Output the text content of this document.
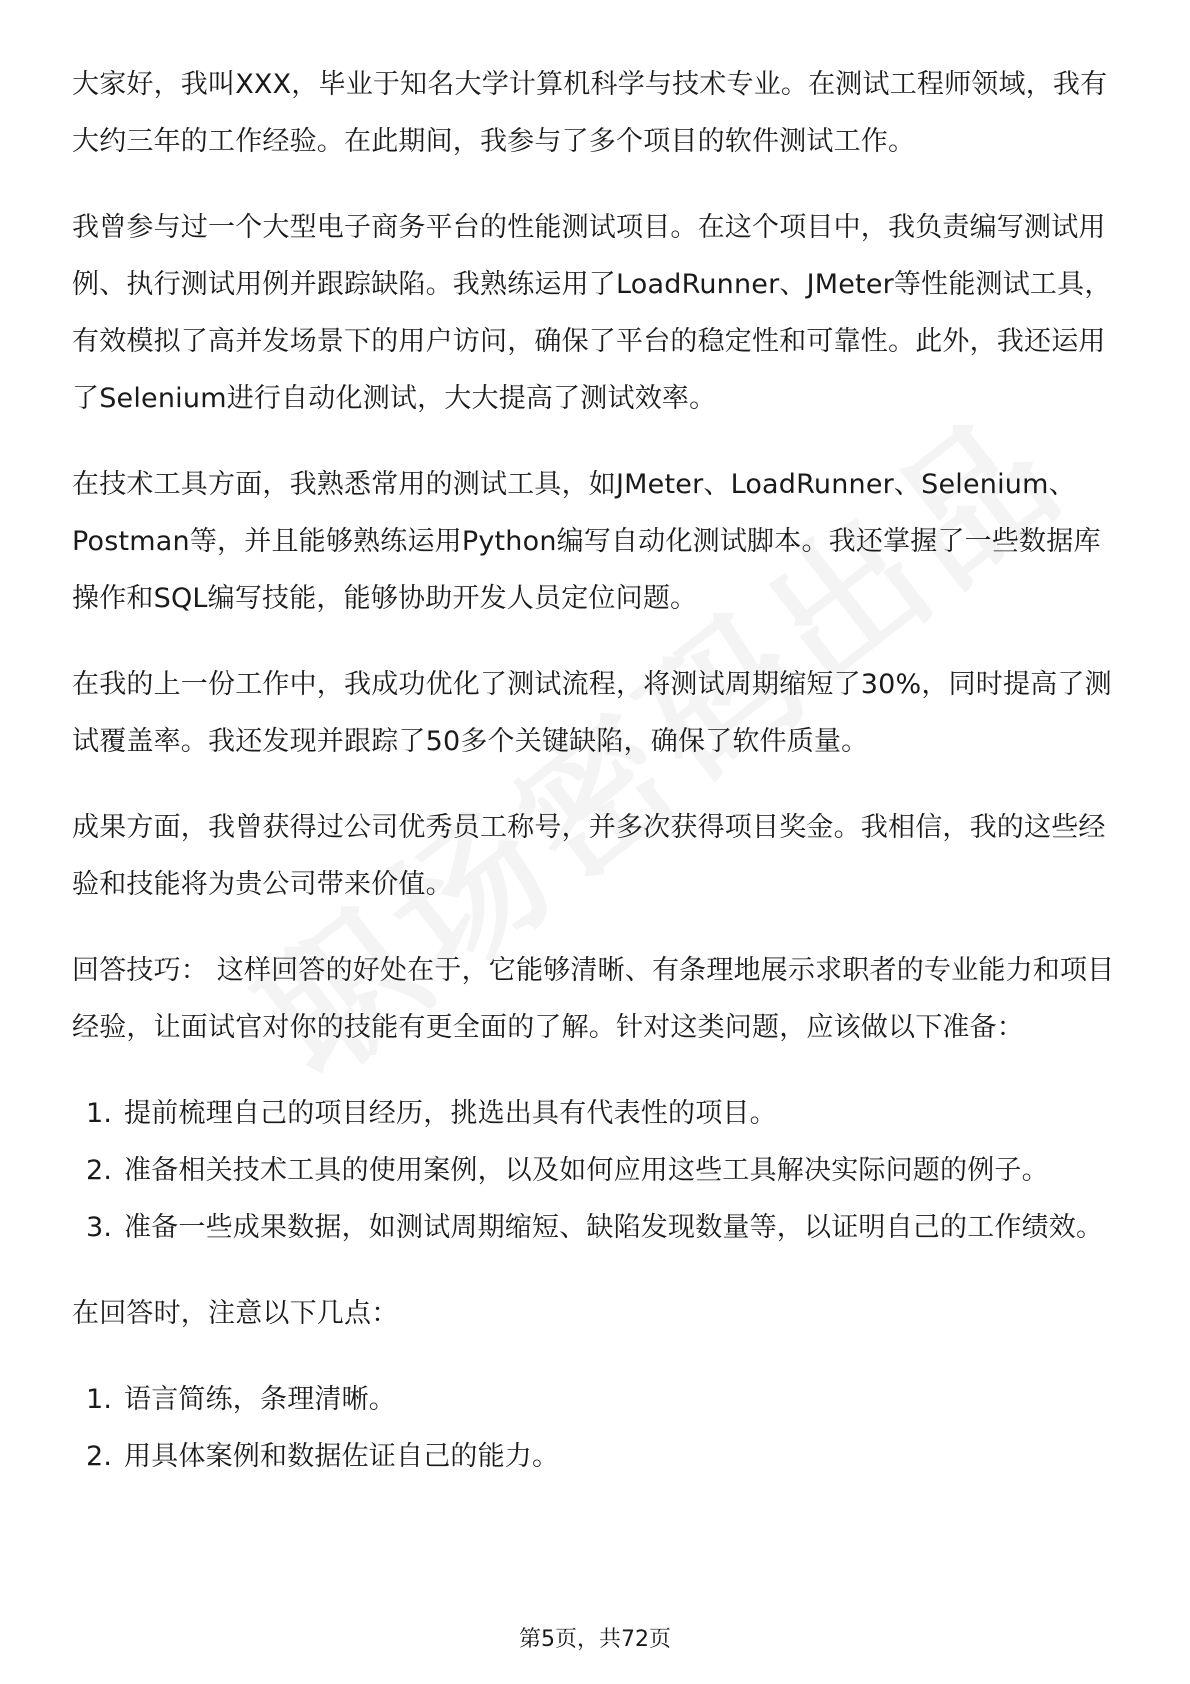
大家好，我叫XXX，毕业于知名大学计算机科学与技术专业。在测试工程师领域，我有大约三年的工作经验。在此期间，我参与了多个项目的软件测试工作。

我曾参与过一个大型电子商务平台的性能测试项目。在这个项目中，我负责编写测试用例、执行测试用例并跟踪缺陷。我熟练运用了LoadRunner、JMeter等性能测试工具，有效模拟了高并发场景下的用户访问，确保了平台的稳定性和可靠性。此外，我还运用了Selenium进行自动化测试，大大提高了测试效率。

在技术工具方面，我熟悉常用的测试工具，如JMeter、LoadRunner、Selenium、Postman等，并且能够熟练运用Python编写自动化测试脚本。我还掌握了一些数据库操作和SQL编写技能，能够协助开发人员定位问题。

在我的上一份工作中，我成功优化了测试流程，将测试周期缩短了30%，同时提高了测试覆盖率。我还发现并跟踪了50多个关键缺陷，确保了软件质量。

成果方面，我曾获得过公司优秀员工称号，并多次获得项目奖金。我相信，我的这些经验和技能将为贵公司带来价值。

回答技巧： 这样回答的好处在于，它能够清晰、有条理地展示求职者的专业能力和项目经验，让面试官对你的技能有更全面的了解。针对这类问题，应该做以下准备：

1. 提前梳理自己的项目经历，挑选出具有代表性的项目。
2. 准备相关技术工具的使用案例，以及如何应用这些工具解决实际问题的例子。
3. 准备一些成果数据，如测试周期缩短、缺陷发现数量等，以证明自己的工作绩效。

在回答时，注意以下几点：

1. 语言简练，条理清晰。
2. 用具体案例和数据佐证自己的能力。
第5页，共72页
